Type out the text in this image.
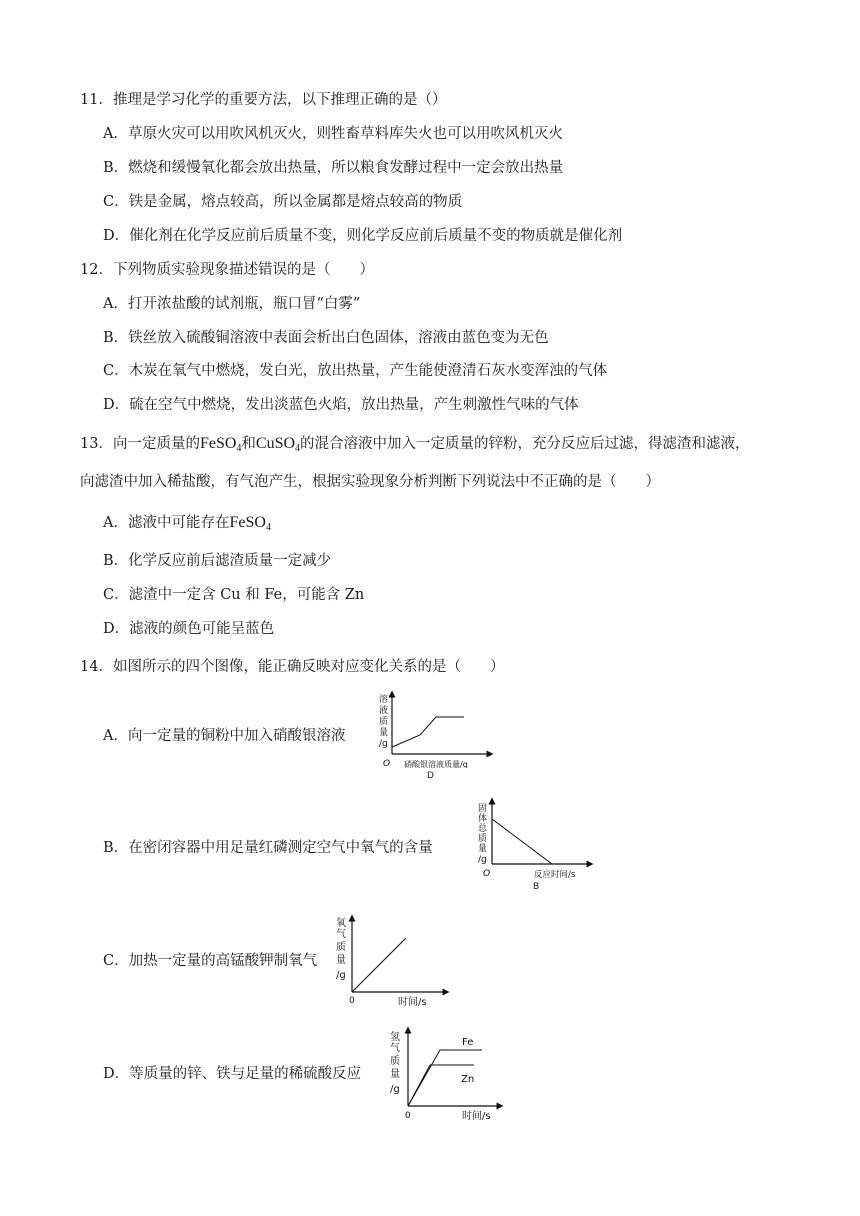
11．推理是学习化学的重要方法，以下推理正确的是（）
A．草原火灾可以用吹风机灭火，则牲畜草料库失火也可以用吹风机灭火
B．燃烧和缓慢氧化都会放出热量，所以粮食发酵过程中一定会放出热量
C．铁是金属，熔点较高，所以金属都是熔点较高的物质
D．催化剂在化学反应前后质量不变，则化学反应前后质量不变的物质就是催化剂
12．下列物质实验现象描述错误的是（　　）
A．打开浓盐酸的试剂瓶，瓶口冒“白雾”
B．铁丝放入硫酸铜溶液中表面会析出白色固体，溶液由蓝色变为无色
C．木炭在氧气中燃烧，发白光，放出热量，产生能使澄清石灰水变浑浊的气体
D．硫在空气中燃烧，发出淡蓝色火焰，放出热量，产生刺激性气味的气体
13．向一定质量的FeSO$_4$和CuSO$_4$的混合溶液中加入一定质量的锌粉，充分反应后过滤，得滤渣和滤液，
向滤渣中加入稀盐酸，有气泡产生，根据实验现象分析判断下列说法中不正确的是（　　）
A．滤液中可能存在FeSO$_4$
B．化学反应前后滤渣质量一定减少
C．滤渣中一定含 Cu 和 Fe，可能含 Zn
D．滤液的颜色可能呈蓝色
14．如图所示的四个图像，能正确反映对应变化关系的是（　　）
A．向一定量的铜粉中加入硝酸银溶液
B．在密闭容器中用足量红磷测定空气中氧气的含量
C．加热一定量的高锰酸钾制氧气
D．等质量的锌、铁与足量的稀硫酸反应
溶液质量/g
O 硝酸银溶液质量/g
D
固体总质量/g
O	反应时间/s
B
氧气质量/g
0	时间/s
氢气质量/g
Fe
Zn
0	时间/s
